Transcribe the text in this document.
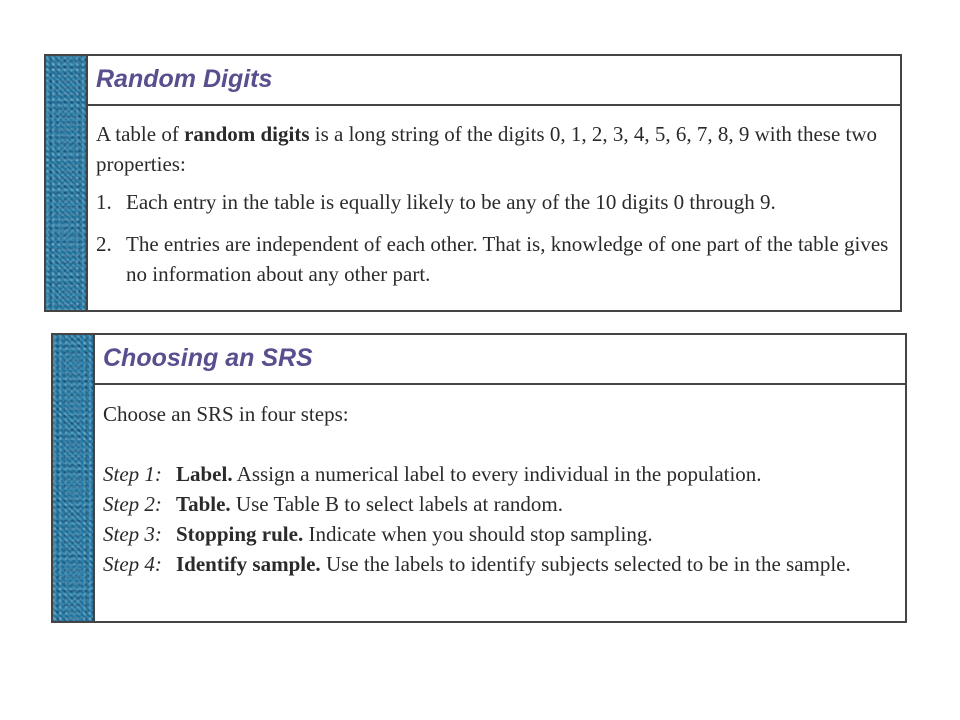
Random Digits

A table of random digits is a long string of the digits 0, 1, 2, 3, 4, 5, 6, 7, 8, 9 with these two properties:

1. Each entry in the table is equally likely to be any of the 10 digits 0 through 9.

2. The entries are independent of each other. That is, knowledge of one part of the table gives no information about any other part.

Choosing an SRS

Choose an SRS in four steps:

Step 1: Label. Assign a numerical label to every individual in the population.

Step 2: Table. Use Table B to select labels at random.

Step 3: Stopping rule. Indicate when you should stop sampling.

Step 4: Identify sample. Use the labels to identify subjects selected to be in the sample.
